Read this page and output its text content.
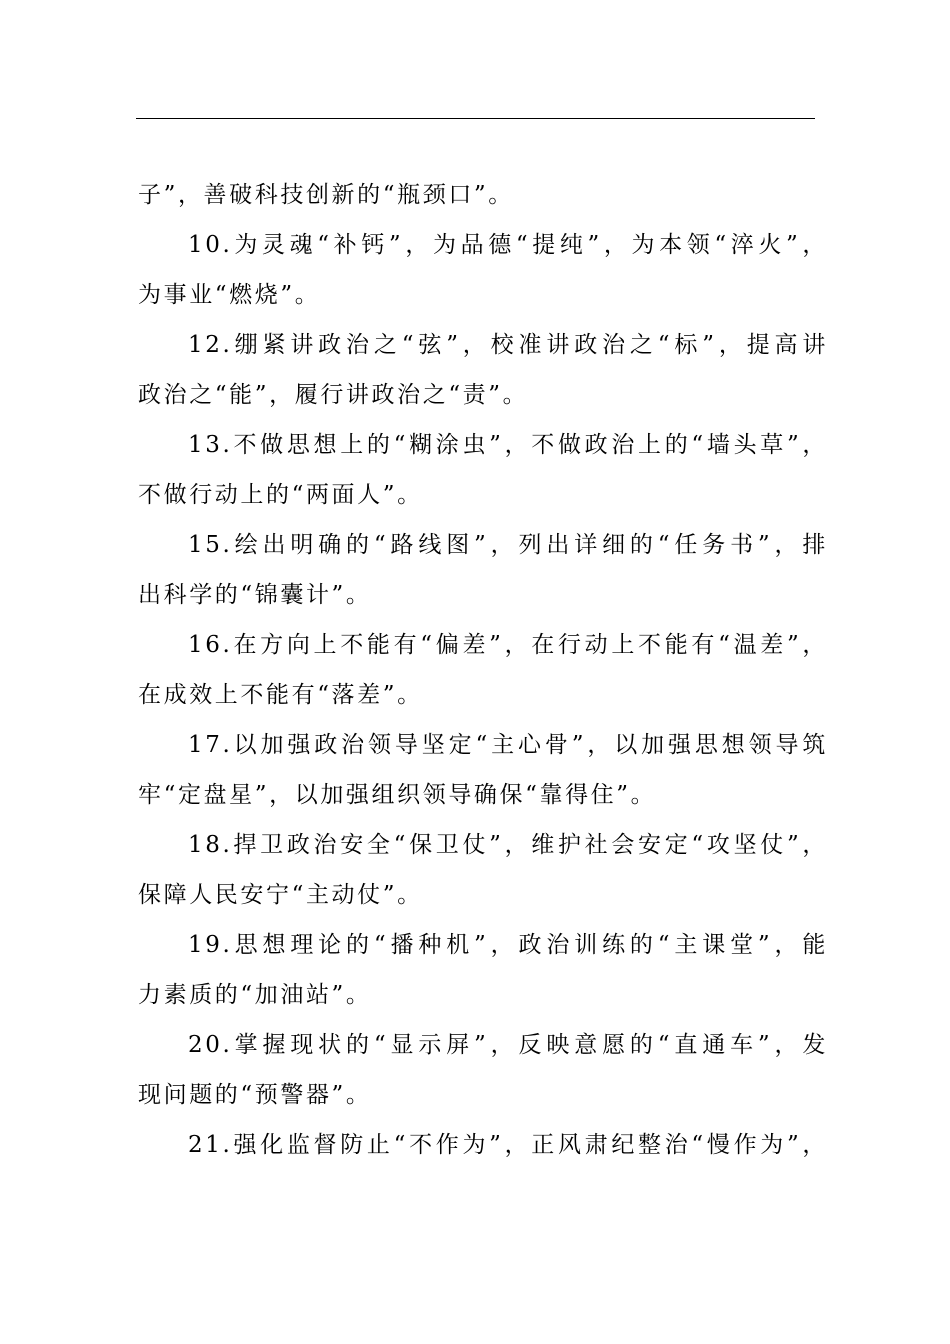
子”，善破科技创新的“瓶颈口”。

10.为灵魂“补钙”，为品德“提纯”，为本领“淬火”，
为事业“燃烧”。

12.绷紧讲政治之“弦”，校准讲政治之“标”，提高讲
政治之“能”，履行讲政治之“责”。

13.不做思想上的“糊涂虫”，不做政治上的“墙头草”，
不做行动上的“两面人”。

15.绘出明确的“路线图”，列出详细的“任务书”，排
出科学的“锦囊计”。

16.在方向上不能有“偏差”，在行动上不能有“温差”，
在成效上不能有“落差”。

17.以加强政治领导坚定“主心骨”，以加强思想领导筑
牢“定盘星”，以加强组织领导确保“靠得住”。

18.捍卫政治安全“保卫仗”，维护社会安定“攻坚仗”，
保障人民安宁“主动仗”。

19.思想理论的“播种机”，政治训练的“主课堂”，能
力素质的“加油站”。

20.掌握现状的“显示屏”，反映意愿的“直通车”，发
现问题的“预警器”。

21.强化监督防止“不作为”，正风肃纪整治“慢作为”，
